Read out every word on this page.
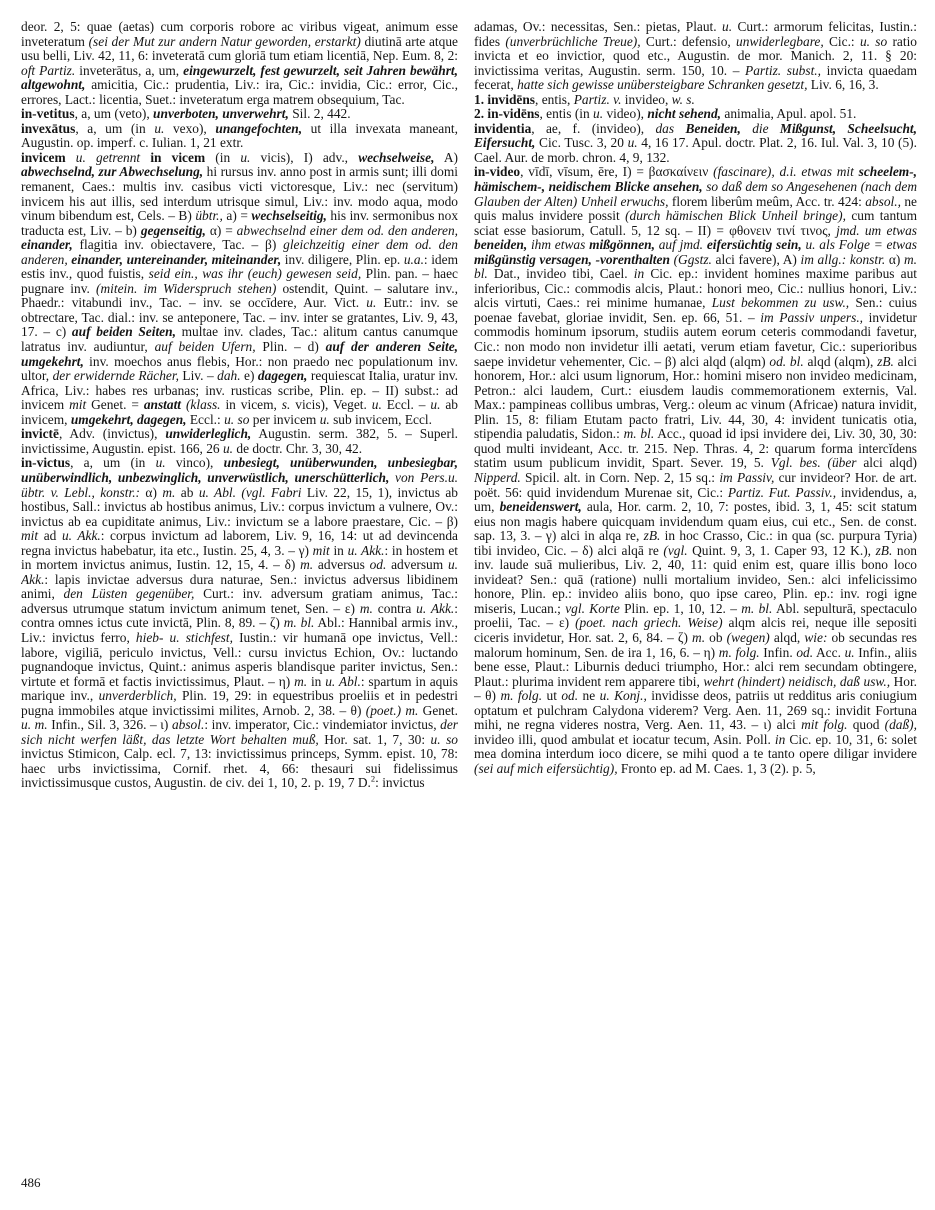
deor. 2, 5: quae (aetas) cum corporis robore ac viribus vigeat, animum esse inveteratum (sei der Mut zur andern Natur geworden, erstarkt) diutinā arte atque usu belli, Liv. 42, 11, 6: inveteratā cum gloriā tum etiam licentiā, Nep. Eum. 8, 2: oft Partiz. inveterātus, a, um, eingewurzelt, fest gewurzelt, seit Jahren bewährt, altgewohnt, amicitia, Cic.: prudentia, Liv.: ira, Cic.: invidia, Cic.: error, Cic., errores, Lact.: licentia, Suet.: inveteratum erga matrem obsequium, Tac.

in-vetitus, a, um (veto), unverboten, unverwehrt, Sil. 2, 442.

invexātus, a, um (in u. vexo), unangefochten, ut illa invexata maneant, Augustin. op. imperf. c. Iulian. 1, 21 extr.

invicem u. getrennt in vicem (in u. vicis), I) adv., wechselweise, A) abwechselnd, zur Abwechselung, hi rursus inv. anno post in armis sunt; illi domi remanent, Caes.: multis inv. casibus victi victoresque, Liv.: nec (servitum) invicem his aut illis, sed interdum utrisque simul, Liv.: inv. modo aqua, modo vinum bibendum est, Cels. – B) übtr., a) = wechselseitig, his inv. sermonibus nox traducta est, Liv. – b) gegenseitig, α) = abwechselnd einer dem od. den anderen, einander, flagitia inv. obiectavere, Tac. – β) gleichzeitig einer dem od. den anderen, einander, untereinander, miteinander, inv. diligere, Plin. ep. u.a.: idem estis inv., quod fuistis, seid ein., was ihr (euch) gewesen seid, Plin. pan. – haec pugnare inv. (mitein. im Widerspruch stehen) ostendit, Quint. – salutare inv., Phaedr.: vitabundi inv., Tac. – inv. se occīdere, Aur. Vict. u. Eutr.: inv. se obtrectare, Tac. dial.: inv. se anteponere, Tac. – inv. inter se gratantes, Liv. 9, 43, 17. – c) auf beiden Seiten, multae inv. clades, Tac.: alitum cantus canumque latratus inv. audiuntur, auf beiden Ufern, Plin. – d) auf der anderen Seite, umgekehrt, inv. moechos anus flebis, Hor.: non praedo nec populationum inv. ultor, der erwidernde Rächer, Liv. – dah. e) dagegen, requiescat Italia, uratur inv. Africa, Liv.: habes res urbanas; inv. rusticas scribe, Plin. ep. – II) subst.: ad invicem mit Genet. = anstatt (klass. in vicem, s. vicis), Veget. u. Eccl. – u. ab invicem, umgekehrt, dagegen, Eccl.: u. so per invicem u. sub invicem, Eccl.

invictē, Adv. (invictus), unwiderleglich, Augustin. serm. 382, 5. – Superl. invictissime, Augustin. epist. 166, 26 u. de doctr. Chr. 3, 30, 42.

in-victus, a, um (in u. vinco), unbesiegt, unüberwunden, unbesiegbar, unüberwindlich, unbezwinglich, unverwüstlich, unerschütterlich, von Pers.u. übtr. v. Lebl., konstr.: α) m. ab u. Abl. (vgl. Fabri Liv. 22, 15, 1), invictus ab hostibus, Sall.: invictus ab hostibus animus, Liv.: corpus invictum a vulnere, Ov.: invictus ab ea cupiditate animus, Liv.: invictum se a labore praestare, Cic. – β) mit ad u. Akk.: corpus invictum ad laborem, Liv. 9, 16, 14: ut ad devincenda regna invictus habebatur, ita etc., Iustin. 25, 4, 3. – γ) mit in u. Akk.: in hostem et in mortem invictus animus, Iustin. 12, 15, 4. – δ) m. adversus od. adversum u. Akk.: lapis invictae adversus dura naturae, Sen.: invictus adversus libidinem animi, den Lüsten gegenüber, Curt.: inv. adversum gratiam animus, Tac.: adversus utrumque statum invictum animum tenet, Sen. – ε) m. contra u. Akk.: contra omnes ictus cute invictā, Plin. 8, 89. – ζ) m. bl. Abl.: Hannibal armis inv., Liv.: invictus ferro, hieb- u. stichfest, Iustin.: vir humanā ope invictus, Vell.: labore, vigiliā, periculo invictus, Vell.: cursu invictus Echion, Ov.: luctando pugnandoque invictus, Quint.: animus asperis blandisque pariter invictus, Sen.: virtute et formā et factis invictissimus, Plaut. – η) m. in u. Abl.: spartum in aquis marique inv., unverderblich, Plin. 19, 29: in equestribus proeliis et in pedestri pugna immobiles atque invictissimi milites, Arnob. 2, 38. – θ) (poet.) m. Genet. u. m. Infin., Sil. 3, 326. – ι) absol.: inv. imperator, Cic.: vindemiator invictus, der sich nicht werfen läßt, das letzte Wort behalten muß, Hor. sat. 1, 7, 30: u. so invictus Stimicon, Calp. ecl. 7, 13: invictissimus princeps, Symm. epist. 10, 78: haec urbs invictissima, Cornif. rhet. 4, 66: thesauri sui fidelissimus invictissimusque custos, Augustin. de civ. dei 1, 10, 2. p. 19, 7 D.$^2$: invictus

adamas, Ov.: necessitas, Sen.: pietas, Plaut. u. Curt.: armorum felicitas, Iustin.: fides (unverbrüchliche Treue), Curt.: defensio, unwiderlegbare, Cic.: u. so ratio invicta et eo invictior, quod etc., Augustin. de mor. Manich. 2, 11. § 20: invictissima veritas, Augustin. serm. 150, 10. – Partiz. subst., invicta quaedam fecerat, hatte sich gewisse unübersteigbare Schranken gesetzt, Liv. 6, 16, 3.

1. invidēns, entis, Partiz. v. invideo, w. s.

2. in-vidēns, entis (in u. video), nicht sehend, animalia, Apul. apol. 51.

invidentia, ae, f. (invideo), das Beneiden, die Mißgunst, Scheelsucht, Eifersucht, Cic. Tusc. 3, 20 u. 4, 16 17. Apul. doctr. Plat. 2, 16. Iul. Val. 3, 10 (5). Cael. Aur. de morb. chron. 4, 9, 132.

in-video, vīdī, vīsum, ēre, I) = βασκαίνειν (fascinare), d.i. etwas mit scheelem-, hämischem-, neidischem Blicke ansehen, so daß dem so Angesehenen (nach dem Glauben der Alten) Unheil erwuchs, florem liberûm meûm, Acc. tr. 424: absol., ne quis malus invidere possit (durch hämischen Blick Unheil bringe), cum tantum sciat esse basiorum, Catull. 5, 12 sq. – II) = φθονειν τινί τινος, jmd. um etwas beneiden, ihm etwas mißgönnen, auf jmd. eifersüchtig sein, u. als Folge = etwas mißgünstig versagen, -vorenthalten (Ggstz. alci favere), A) im allg.: konstr. α) m. bl. Dat., invideo tibi, Cael. in Cic. ep.: invident homines maxime paribus aut inferioribus, Cic.: commodis alcis, Plaut.: honori meo, Cic.: nullius honori, Liv.: alcis virtuti, Caes.: rei minime humanae, Lust bekommen zu usw., Sen.: cuius poenae favebat, gloriae invidit, Sen. ep. 66, 51. – im Passiv unpers., invidetur commodis hominum ipsorum, studiis autem eorum ceteris commodandi favetur, Cic.: non modo non invidetur illi aetati, verum etiam favetur, Cic.: superioribus saepe invidetur vehementer, Cic. – β) alci alqd (alqm) od. bl. alqd (alqm), zB. alci honorem, Hor.: alci usum lignorum, Hor.: homini misero non invideo medicinam, Petron.: alci laudem, Curt.: eiusdem laudis commemorationem externis, Val. Max.: pampineas collibus umbras, Verg.: oleum ac vinum (Africae) natura invidit, Plin. 15, 8: filiam Etutam pacto fratri, Liv. 44, 30, 4: invident tunicatis otia, stipendia paludatis, Sidon.: m. bl. Acc., quoad id ipsi invidere dei, Liv. 30, 30, 30: quod multi invideant, Acc. tr. 215. Nep. Thras. 4, 2: quarum forma intercĭdens statim usum publicum invidit, Spart. Sever. 19, 5. Vgl. bes. (über alci alqd) Nipperd. Spicil. alt. in Corn. Nep. 2, 15 sq.: im Passiv, cur invideor? Hor. de art. poët. 56: quid invidendum Murenae sit, Cic.: Partiz. Fut. Passiv., invidendus, a, um, beneidenswert, aula, Hor. carm. 2, 10, 7: postes, ibid. 3, 1, 45: scit statum eius non magis habere quicquam invidendum quam eius, cui etc., Sen. de const. sap. 13, 3. – γ) alci in alqa re, zB. in hoc Crasso, Cic.: in qua (sc. purpura Tyria) tibi invideo, Cic. – δ) alci alqā re (vgl. Quint. 9, 3, 1. Caper 93, 12 K.), zB. non inv. laude suā mulieribus, Liv. 2, 40, 11: quid enim est, quare illis bono loco invideat? Sen.: quā (ratione) nulli mortalium invideo, Sen.: alci infelicissimo honore, Plin. ep.: invideo aliis bono, quo ipse careo, Plin. ep.: inv. rogi igne miseris, Lucan.; vgl. Korte Plin. ep. 1, 10, 12. – m. bl. Abl. sepulturā, spectaculo proelii, Tac. – ε) (poet. nach griech. Weise) alqm alcis rei, neque ille sepositi ciceris invidetur, Hor. sat. 2, 6, 84. – ζ) m. ob (wegen) alqd, wie: ob secundas res malorum hominum, Sen. de ira 1, 16, 6. – η) m. folg. Infin. od. Acc. u. Infin., aliis bene esse, Plaut.: Liburnis deduci triumpho, Hor.: alci rem secundam obtingere, Plaut.: plurima invident rem apparere tibi, wehrt (hindert) neidisch, daß usw., Hor. – θ) m. folg. ut od. ne u. Konj., invidisse deos, patriis ut redditus aris coniugium optatum et pulchram Calydona viderem? Verg. Aen. 11, 269 sq.: invidit Fortuna mihi, ne regna videres nostra, Verg. Aen. 11, 43. – ι) alci mit folg. quod (daß), invideo illi, quod ambulat et iocatur tecum, Asin. Poll. in Cic. ep. 10, 31, 6: solet mea domina interdum ioco dicere, se mihi quod a te tanto opere diligar invidere (sei auf mich eifersüchtig), Fronto ep. ad M. Caes. 1, 3 (2). p. 5,

486
